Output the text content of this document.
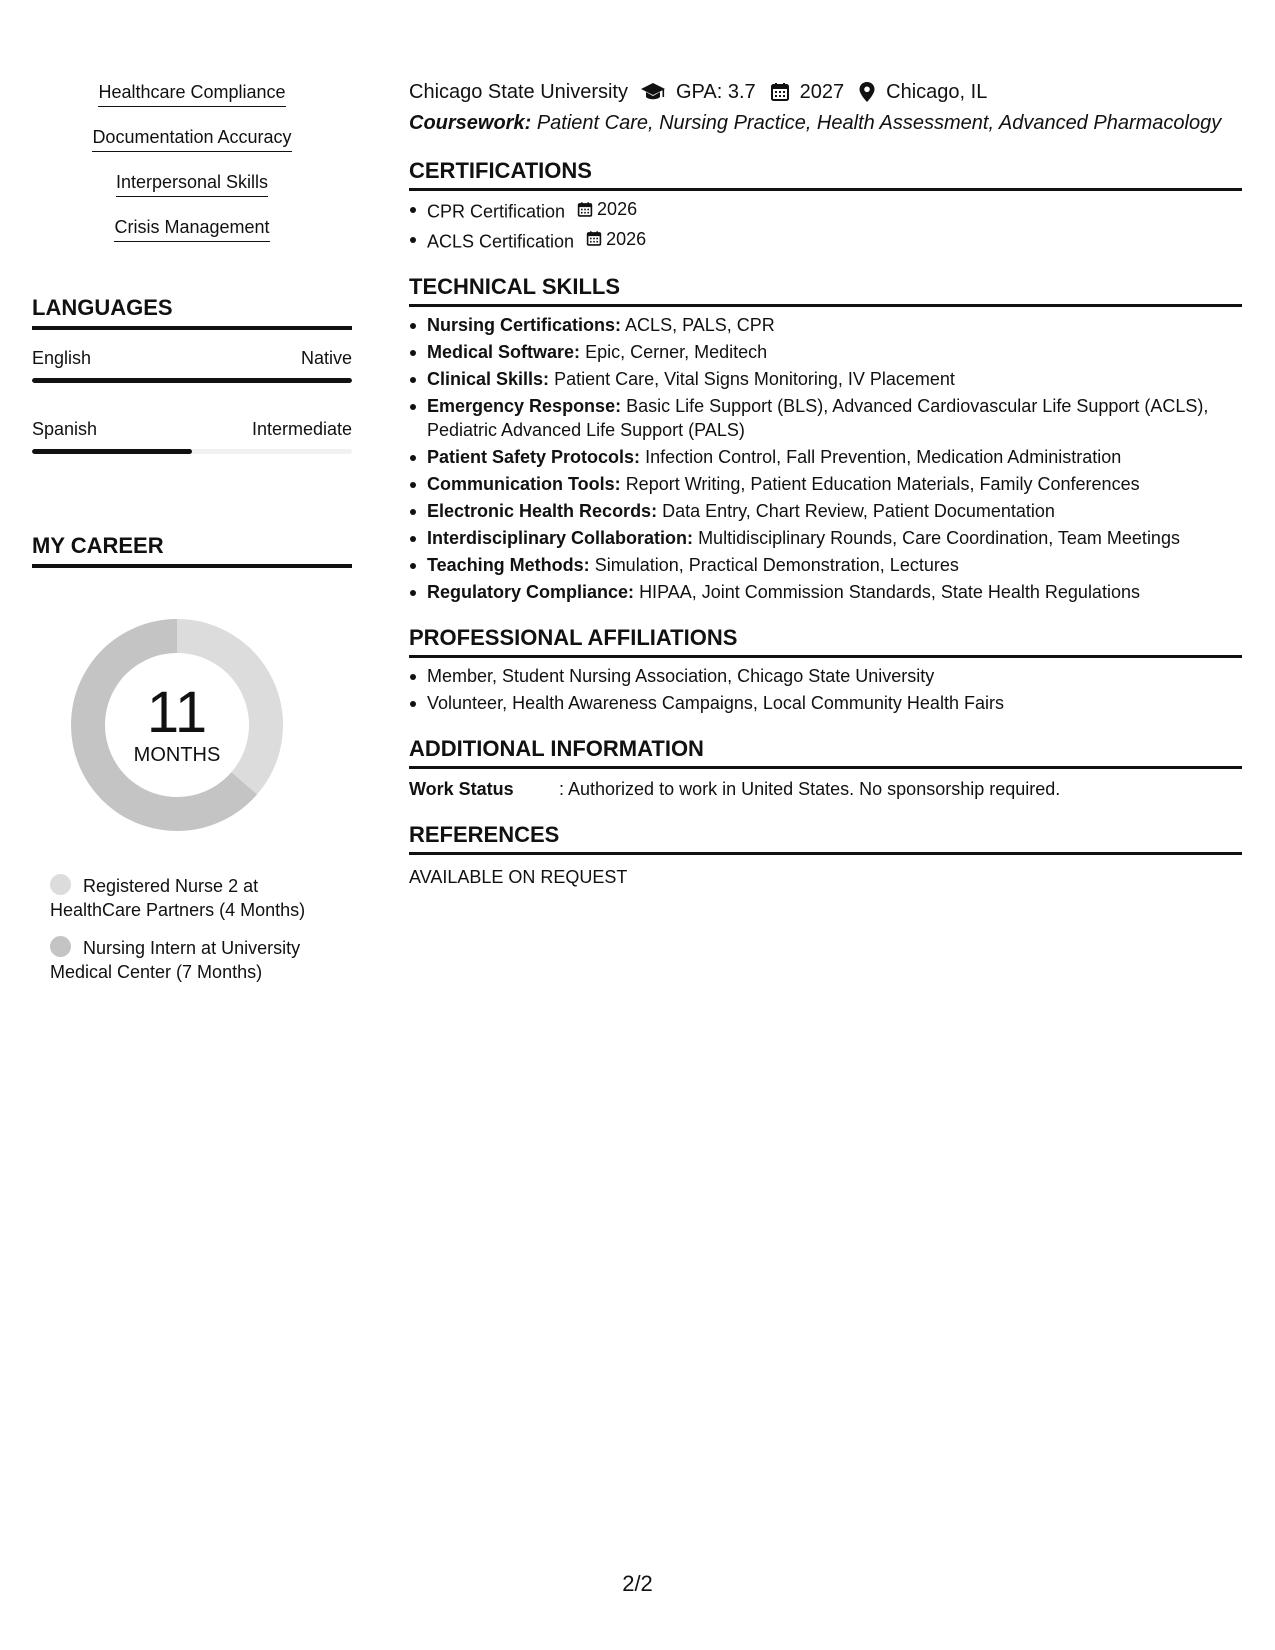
Healthcare Compliance
Documentation Accuracy
Interpersonal Skills
Crisis Management
LANGUAGES
English	Native
Spanish	Intermediate
MY CAREER
11
MONTHS
Registered Nurse 2 at HealthCare Partners (4 Months)
Nursing Intern at University Medical Center (7 Months)
Chicago State University GPA: 3.7 2027 Chicago, IL
Coursework: Patient Care, Nursing Practice, Health Assessment, Advanced Pharmacology
CERTIFICATIONS
CPR Certification 2026
ACLS Certification 2026
TECHNICAL SKILLS
Nursing Certifications: ACLS, PALS, CPR
Medical Software: Epic, Cerner, Meditech
Clinical Skills: Patient Care, Vital Signs Monitoring, IV Placement
Emergency Response: Basic Life Support (BLS), Advanced Cardiovascular Life Support (ACLS), Pediatric Advanced Life Support (PALS)
Patient Safety Protocols: Infection Control, Fall Prevention, Medication Administration
Communication Tools: Report Writing, Patient Education Materials, Family Conferences
Electronic Health Records: Data Entry, Chart Review, Patient Documentation
Interdisciplinary Collaboration: Multidisciplinary Rounds, Care Coordination, Team Meetings
Teaching Methods: Simulation, Practical Demonstration, Lectures
Regulatory Compliance: HIPAA, Joint Commission Standards, State Health Regulations
PROFESSIONAL AFFILIATIONS
Member, Student Nursing Association, Chicago State University
Volunteer, Health Awareness Campaigns, Local Community Health Fairs
ADDITIONAL INFORMATION
Work Status	: Authorized to work in United States. No sponsorship required.
REFERENCES
AVAILABLE ON REQUEST
2/2
